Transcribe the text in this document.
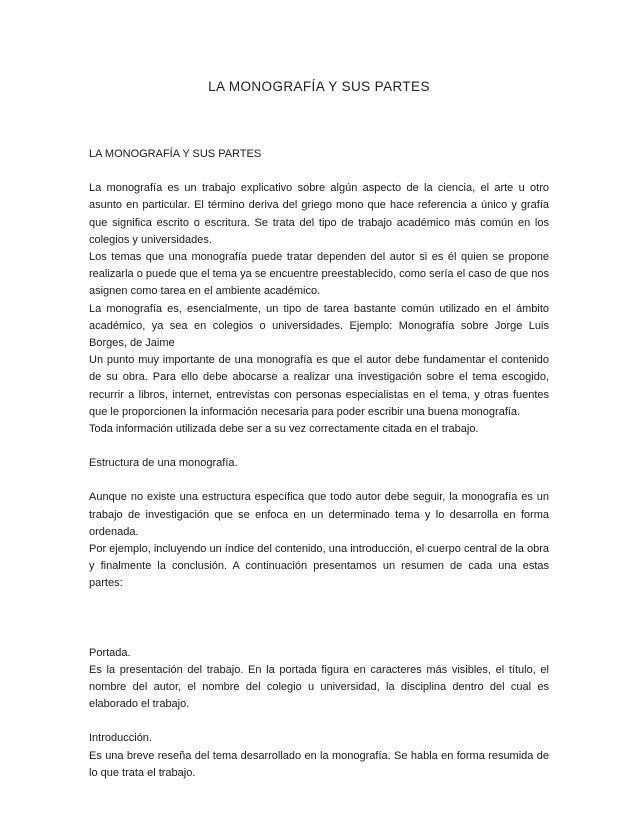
LA MONOGRAFÍA Y SUS PARTES

LA MONOGRAFÍA Y SUS PARTES

La monografía es un trabajo explicativo sobre algún aspecto de la ciencia, el arte u otro asunto en particular. El término deriva del griego mono que hace referencia a único y grafía que significa escrito o escritura. Se trata del tipo de trabajo académico más común en los colegios y universidades.

Los temas que una monografía puede tratar dependen del autor si es él quien se propone realizarla o puede que el tema ya se encuentre preestablecido, como sería el caso de que nos asignen como tarea en el ambiente académico.

La monografía es, esencialmente, un tipo de tarea bastante común utilizado en el ámbito académico, ya sea en colegios o universidades. Ejemplo: Monografía sobre Jorge Luis Borges, de Jaime

Un punto muy importante de una monografía es que el autor debe fundamentar el contenido de su obra. Para ello debe abocarse a realizar una investigación sobre el tema escogido, recurrir a libros, internet, entrevistas con personas especialistas en el tema, y otras fuentes que le proporcionen la información necesaria para poder escribir una buena monografía.

Toda información utilizada debe ser a su vez correctamente citada en el trabajo.

Estructura de una monografía.

Aunque no existe una estructura específica que todo autor debe seguir, la monografía es un trabajo de investigación que se enfoca en un determinado tema y lo desarrolla en forma ordenada.

Por ejemplo, incluyendo un índice del contenido, una introducción, el cuerpo central de la obra y finalmente la conclusión. A continuación presentamos un resumen de cada una estas partes:

Portada.

Es la presentación del trabajo. En la portada figura en caracteres más visibles, el título, el nombre del autor, el nombre del colegio u universidad, la disciplina dentro del cual es elaborado el trabajo.

Introducción.

Es una breve reseña del tema desarrollado en la monografía. Se habla en forma resumida de lo que trata el trabajo.
